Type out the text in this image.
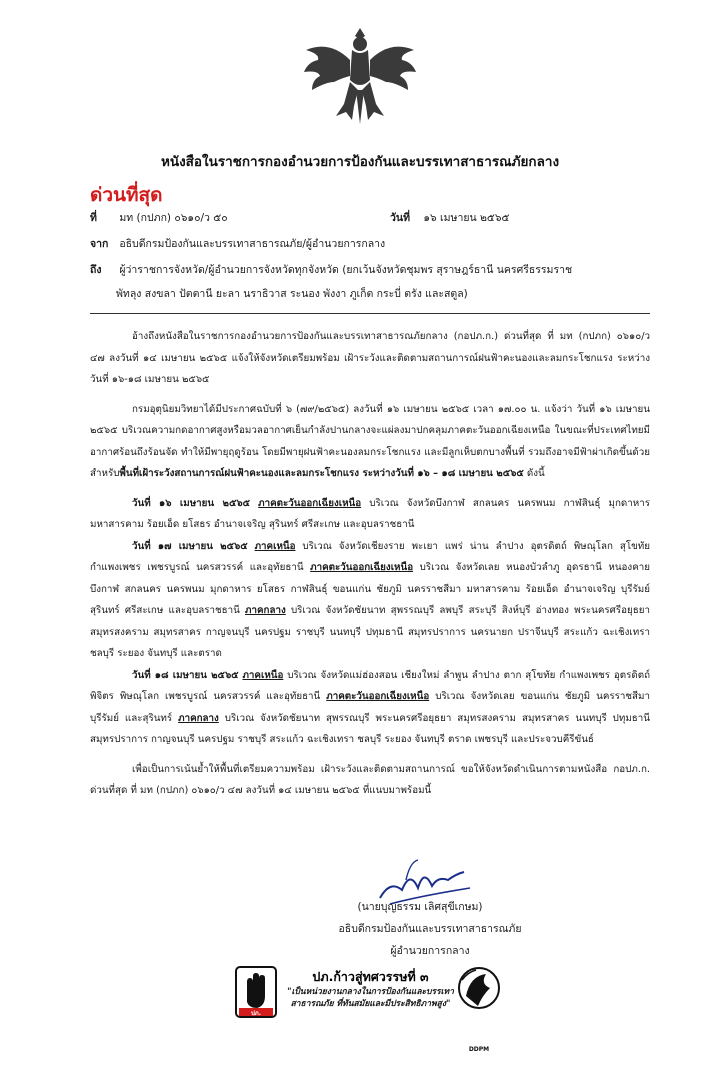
หนังสือในราชการกองอำนวยการป้องกันและบรรเทาสาธารณภัยกลาง
ด่วนที่สุด
ที่ มท (กปภก) ๐๖๑๐/ว ๕๐	วันที่ ๑๖ เมษายน ๒๕๖๕
จาก อธิบดีกรมป้องกันและบรรเทาสาธารณภัย/ผู้อำนวยการกลาง
ถึง ผู้ว่าราชการจังหวัด/ผู้อำนวยการจังหวัดทุกจังหวัด (ยกเว้นจังหวัดชุมพร สุราษฎร์ธานี นครศรีธรรมราช
พัทลุง สงขลา ปัตตานี ยะลา นราธิวาส ระนอง พังงา ภูเก็ต กระบี่ ตรัง และสตูล)

อ้างถึงหนังสือในราชการกองอำนวยการป้องกันและบรรเทาสาธารณภัยกลาง (กอปภ.ก.) ด่วนที่สุด ที่ มท (กปภก) ๐๖๑๐/ว ๔๗ ลงวันที่ ๑๔ เมษายน ๒๕๖๕ แจ้งให้จังหวัดเตรียมพร้อม เฝ้าระวังและติดตามสถานการณ์ฝนฟ้าคะนองและลมกระโชกแรง ระหว่างวันที่ ๑๖-๑๘ เมษายน ๒๕๖๕

กรมอุตุนิยมวิทยาได้มีประกาศฉบับที่ ๖ (๗๙/๒๕๖๕) ลงวันที่ ๑๖ เมษายน ๒๕๖๕ เวลา ๑๗.๐๐ น. แจ้งว่า วันที่ ๑๖ เมษายน ๒๕๖๕ บริเวณความกดอากาศสูงหรือมวลอากาศเย็นกำลังปานกลางจะแผ่ลงมาปกคลุมภาคตะวันออกเฉียงเหนือ ในขณะที่ประเทศไทยมีอากาศร้อนถึงร้อนจัด ทำให้มีพายุฤดูร้อน โดยมีพายุฝนฟ้าคะนองลมกระโชกแรง และมีลูกเห็บตกบางพื้นที่ รวมถึงอาจมีฟ้าผ่าเกิดขึ้นด้วย สำหรับพื้นที่เฝ้าระวังสถานการณ์ฝนฟ้าคะนองและลมกระโชกแรง ระหว่างวันที่ ๑๖ – ๑๘ เมษายน ๒๕๖๕ ดังนี้

วันที่ ๑๖ เมษายน ๒๕๖๕ ภาคตะวันออกเฉียงเหนือ บริเวณ จังหวัดบึงกาฬ สกลนคร นครพนม กาฬสินธุ์ มุกดาหาร มหาสารคาม ร้อยเอ็ด ยโสธร อำนาจเจริญ สุรินทร์ ศรีสะเกษ และอุบลราชธานี

วันที่ ๑๗ เมษายน ๒๕๖๕ ภาคเหนือ บริเวณ จังหวัดเชียงราย พะเยา แพร่ น่าน ลำปาง อุตรดิตถ์ พิษณุโลก สุโขทัย กำแพงเพชร เพชรบูรณ์ นครสวรรค์ และอุทัยธานี ภาคตะวันออกเฉียงเหนือ บริเวณ จังหวัดเลย หนองบัวลำภู อุดรธานี หนองคาย บึงกาฬ สกลนคร นครพนม มุกดาหาร ยโสธร กาฬสินธุ์ ขอนแก่น ชัยภูมิ นครราชสีมา มหาสารคาม ร้อยเอ็ด อำนาจเจริญ บุรีรัมย์ สุรินทร์ ศรีสะเกษ และอุบลราชธานี ภาคกลาง บริเวณ จังหวัดชัยนาท สุพรรณบุรี ลพบุรี สระบุรี สิงห์บุรี อ่างทอง พระนครศรีอยุธยา สมุทรสงคราม สมุทรสาคร กาญจนบุรี นครปฐม ราชบุรี นนทบุรี ปทุมธานี สมุทรปราการ นครนายก ปราจีนบุรี สระแก้ว ฉะเชิงเทรา ชลบุรี ระยอง จันทบุรี และตราด

วันที่ ๑๘ เมษายน ๒๕๖๕ ภาคเหนือ บริเวณ จังหวัดแม่ฮ่องสอน เชียงใหม่ ลำพูน ลำปาง ตาก สุโขทัย กำแพงเพชร อุตรดิตถ์ พิจิตร พิษณุโลก เพชรบูรณ์ นครสวรรค์ และอุทัยธานี ภาคตะวันออกเฉียงเหนือ บริเวณ จังหวัดเลย ขอนแก่น ชัยภูมิ นครราชสีมา บุรีรัมย์ และสุรินทร์ ภาคกลาง บริเวณ จังหวัดชัยนาท สุพรรณบุรี พระนครศรีอยุธยา สมุทรสงคราม สมุทรสาคร นนทบุรี ปทุมธานี สมุทรปราการ กาญจนบุรี นครปฐม ราชบุรี สระแก้ว ฉะเชิงเทรา ชลบุรี ระยอง จันทบุรี ตราด เพชรบุรี และประจวบคีรีขันธ์

เพื่อเป็นการเน้นย้ำให้พื้นที่เตรียมความพร้อม เฝ้าระวังและติดตามสถานการณ์ ขอให้จังหวัดดำเนินการตามหนังสือ กอปภ.ก. ด่วนที่สุด ที่ มท (กปภก) ๐๖๑๐/ว ๔๗ ลงวันที่ ๑๔ เมษายน ๒๕๖๕ ที่แนบมาพร้อมนี้

(นายบุญธรรม เลิศสุขีเกษม)
อธิบดีกรมป้องกันและบรรเทาสาธารณภัย
ผู้อำนวยการกลาง
ปภ.
ปภ.ก้าวสู่ทศวรรษที่ ๓
"เป็นหน่วยงานกลางในการป้องกันและบรรเทาสาธารณภัย ที่ทันสมัยและมีประสิทธิภาพสูง"
DDPM
